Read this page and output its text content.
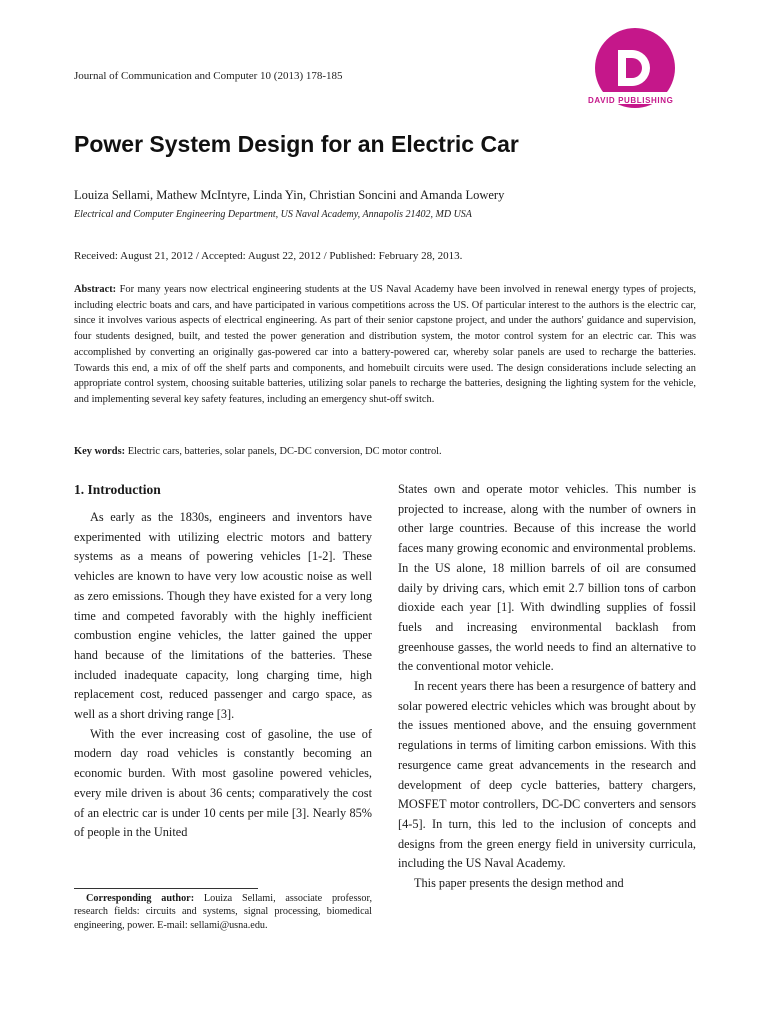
Journal of Communication and Computer 10 (2013) 178-185
DAVID PUBLISHING
Power System Design for an Electric Car
Louiza Sellami, Mathew McIntyre, Linda Yin, Christian Soncini and Amanda Lowery
Electrical and Computer Engineering Department, US Naval Academy, Annapolis 21402, MD USA
Received: August 21, 2012 / Accepted: August 22, 2012 / Published: February 28, 2013.
Abstract: For many years now electrical engineering students at the US Naval Academy have been involved in renewal energy types of projects, including electric boats and cars, and have participated in various competitions across the US. Of particular interest to the authors is the electric car, since it involves various aspects of electrical engineering. As part of their senior capstone project, and under the authors' guidance and supervision, four students designed, built, and tested the power generation and distribution system, the motor control system for an electric car. This was accomplished by converting an originally gas-powered car into a battery-powered car, whereby solar panels are used to recharge the batteries. Towards this end, a mix of off the shelf parts and components, and homebuilt circuits were used. The design considerations include selecting an appropriate control system, choosing suitable batteries, utilizing solar panels to recharge the batteries, designing the lighting system for the vehicle, and implementing several key safety features, including an emergency shut-off switch.
Key words: Electric cars, batteries, solar panels, DC-DC conversion, DC motor control.
1. Introduction

As early as the 1830s, engineers and inventors have experimented with utilizing electric motors and battery systems as a means of powering vehicles [1-2]. These vehicles are known to have very low acoustic noise as well as zero emissions. Though they have existed for a very long time and competed favorably with the highly inefficient combustion engine vehicles, the latter gained the upper hand because of the limitations of the batteries. These included inadequate capacity, long charging time, high replacement cost, reduced passenger and cargo space, as well as a short driving range [3].

With the ever increasing cost of gasoline, the use of modern day road vehicles is constantly becoming an economic burden. With most gasoline powered vehicles, every mile driven is about 36 cents; comparatively the cost of an electric car is under 10 cents per mile [3]. Nearly 85% of people in the United

States own and operate motor vehicles. This number is projected to increase, along with the number of owners in other large countries. Because of this increase the world faces many growing economic and environmental problems. In the US alone, 18 million barrels of oil are consumed daily by driving cars, which emit 2.7 billion tons of carbon dioxide each year [1]. With dwindling supplies of fossil fuels and increasing environmental backlash from greenhouse gasses, the world needs to find an alternative to the conventional motor vehicle.

In recent years there has been a resurgence of battery and solar powered electric vehicles which was brought about by the issues mentioned above, and the ensuing government regulations in terms of limiting carbon emissions. With this resurgence came great advancements in the research and development of deep cycle batteries, battery chargers, MOSFET motor controllers, DC-DC converters and sensors [4-5]. In turn, this led to the inclusion of concepts and designs from the green energy field in university curricula, including the US Naval Academy.

This paper presents the design method and

Corresponding author: Louiza Sellami, associate professor, research fields: circuits and systems, signal processing, biomedical engineering, power. E-mail: sellami@usna.edu.
